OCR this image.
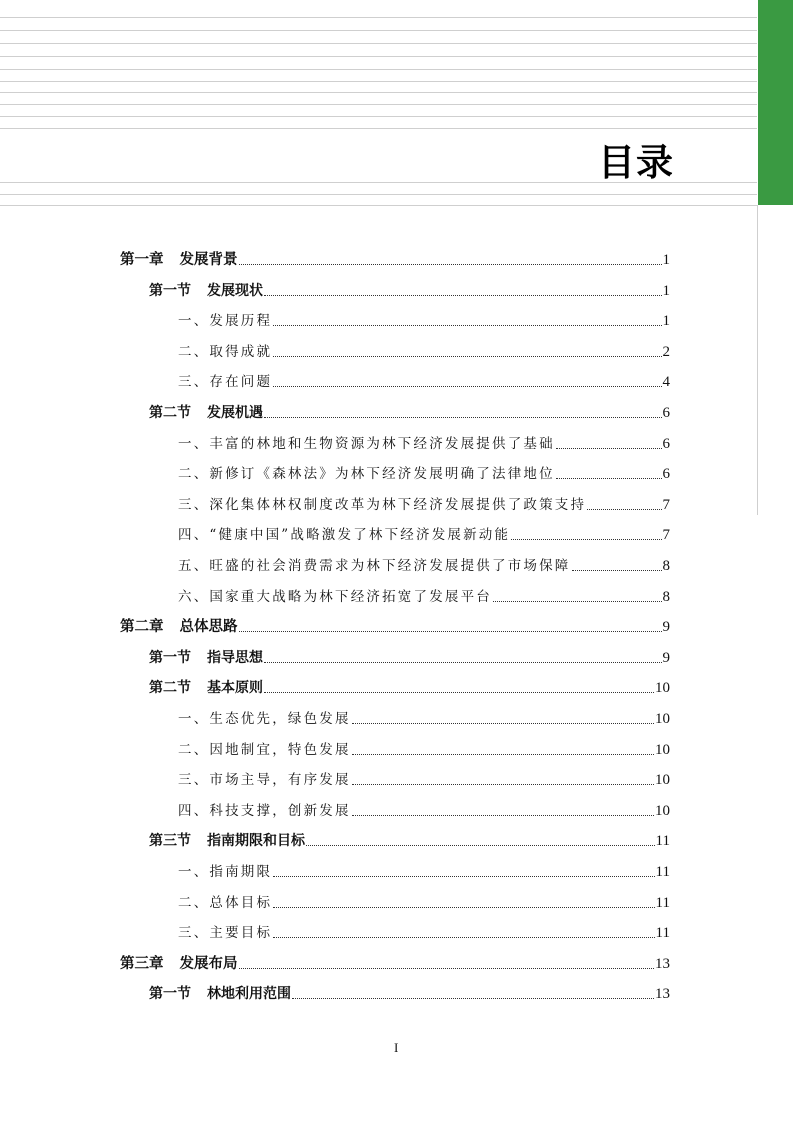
目录
第一章 发展背景	1
第一节 发展现状	1
一、发展历程	1
二、取得成就	2
三、存在问题	4
第二节 发展机遇	6
一、丰富的林地和生物资源为林下经济发展提供了基础	6
二、新修订《森林法》为林下经济发展明确了法律地位	6
三、深化集体林权制度改革为林下经济发展提供了政策支持	7
四、“健康中国”战略激发了林下经济发展新动能	7
五、旺盛的社会消费需求为林下经济发展提供了市场保障	8
六、国家重大战略为林下经济拓宽了发展平台	8
第二章 总体思路	9
第一节 指导思想	9
第二节 基本原则	10
一、生态优先，绿色发展	10
二、因地制宜，特色发展	10
三、市场主导，有序发展	10
四、科技支撑，创新发展	10
第三节 指南期限和目标	11
一、指南期限	11
二、总体目标	11
三、主要目标	11
第三章 发展布局	13
第一节 林地利用范围	13
I
